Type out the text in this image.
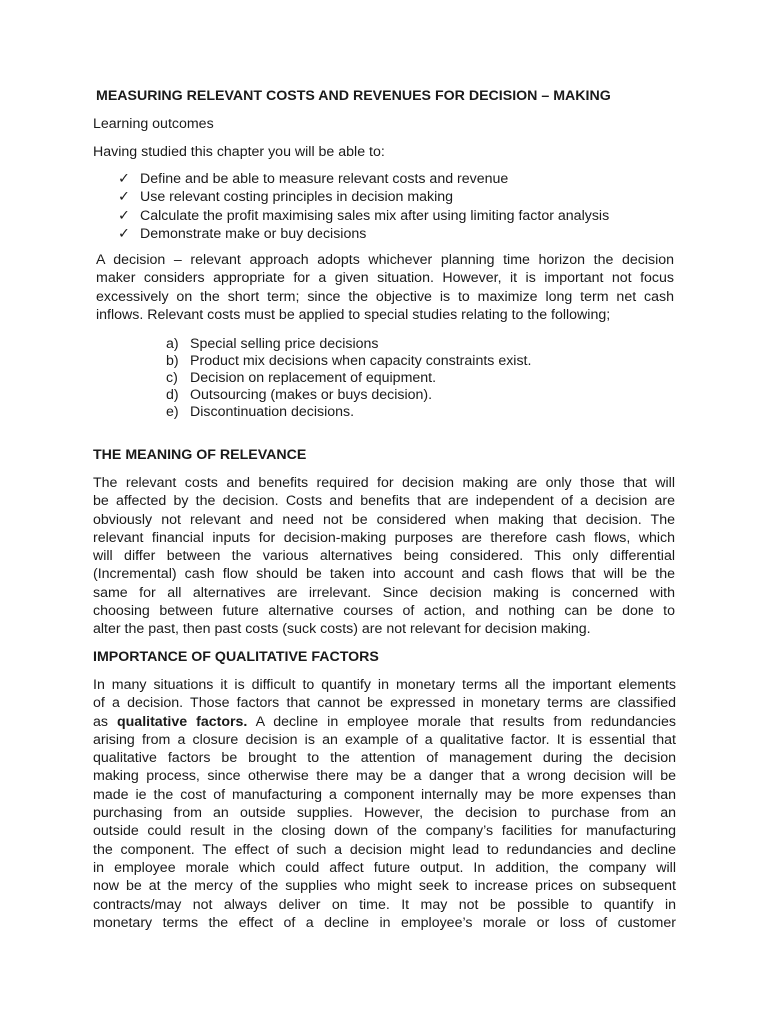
MEASURING RELEVANT COSTS AND REVENUES FOR DECISION – MAKING

Learning outcomes

Having studied this chapter you will be able to:

✓ Define and be able to measure relevant costs and revenue
✓ Use relevant costing principles in decision making
✓ Calculate the profit maximising sales mix after using limiting factor analysis
✓ Demonstrate make or buy decisions
A decision – relevant approach adopts whichever planning time horizon the decision
maker considers appropriate for a given situation. However, it is important not focus
excessively on the short term; since the objective is to maximize long term net cash
inflows. Relevant costs must be applied to special studies relating to the following;
a) Special selling price decisions
b) Product mix decisions when capacity constraints exist.
c) Decision on replacement of equipment.
d) Outsourcing (makes or buys decision).
e) Discontinuation decisions.
THE MEANING OF RELEVANCE
The relevant costs and benefits required for decision making are only those that will
be affected by the decision. Costs and benefits that are independent of a decision are
obviously not relevant and need not be considered when making that decision. The
relevant financial inputs for decision-making purposes are therefore cash flows, which
will differ between the various alternatives being considered. This only differential
(Incremental) cash flow should be taken into account and cash flows that will be the
same for all alternatives are irrelevant. Since decision making is concerned with
choosing between future alternative courses of action, and nothing can be done to
alter the past, then past costs (suck costs) are not relevant for decision making.
IMPORTANCE OF QUALITATIVE FACTORS
In many situations it is difficult to quantify in monetary terms all the important elements
of a decision. Those factors that cannot be expressed in monetary terms are classified
as qualitative factors. A decline in employee morale that results from redundancies
arising from a closure decision is an example of a qualitative factor. It is essential that
qualitative factors be brought to the attention of management during the decision
making process, since otherwise there may be a danger that a wrong decision will be
made ie the cost of manufacturing a component internally may be more expenses than
purchasing from an outside supplies. However, the decision to purchase from an
outside could result in the closing down of the company’s facilities for manufacturing
the component. The effect of such a decision might lead to redundancies and decline
in employee morale which could affect future output. In addition, the company will
now be at the mercy of the supplies who might seek to increase prices on subsequent
contracts/may not always deliver on time. It may not be possible to quantify in
monetary terms the effect of a decline in employee’s morale or loss of customer
